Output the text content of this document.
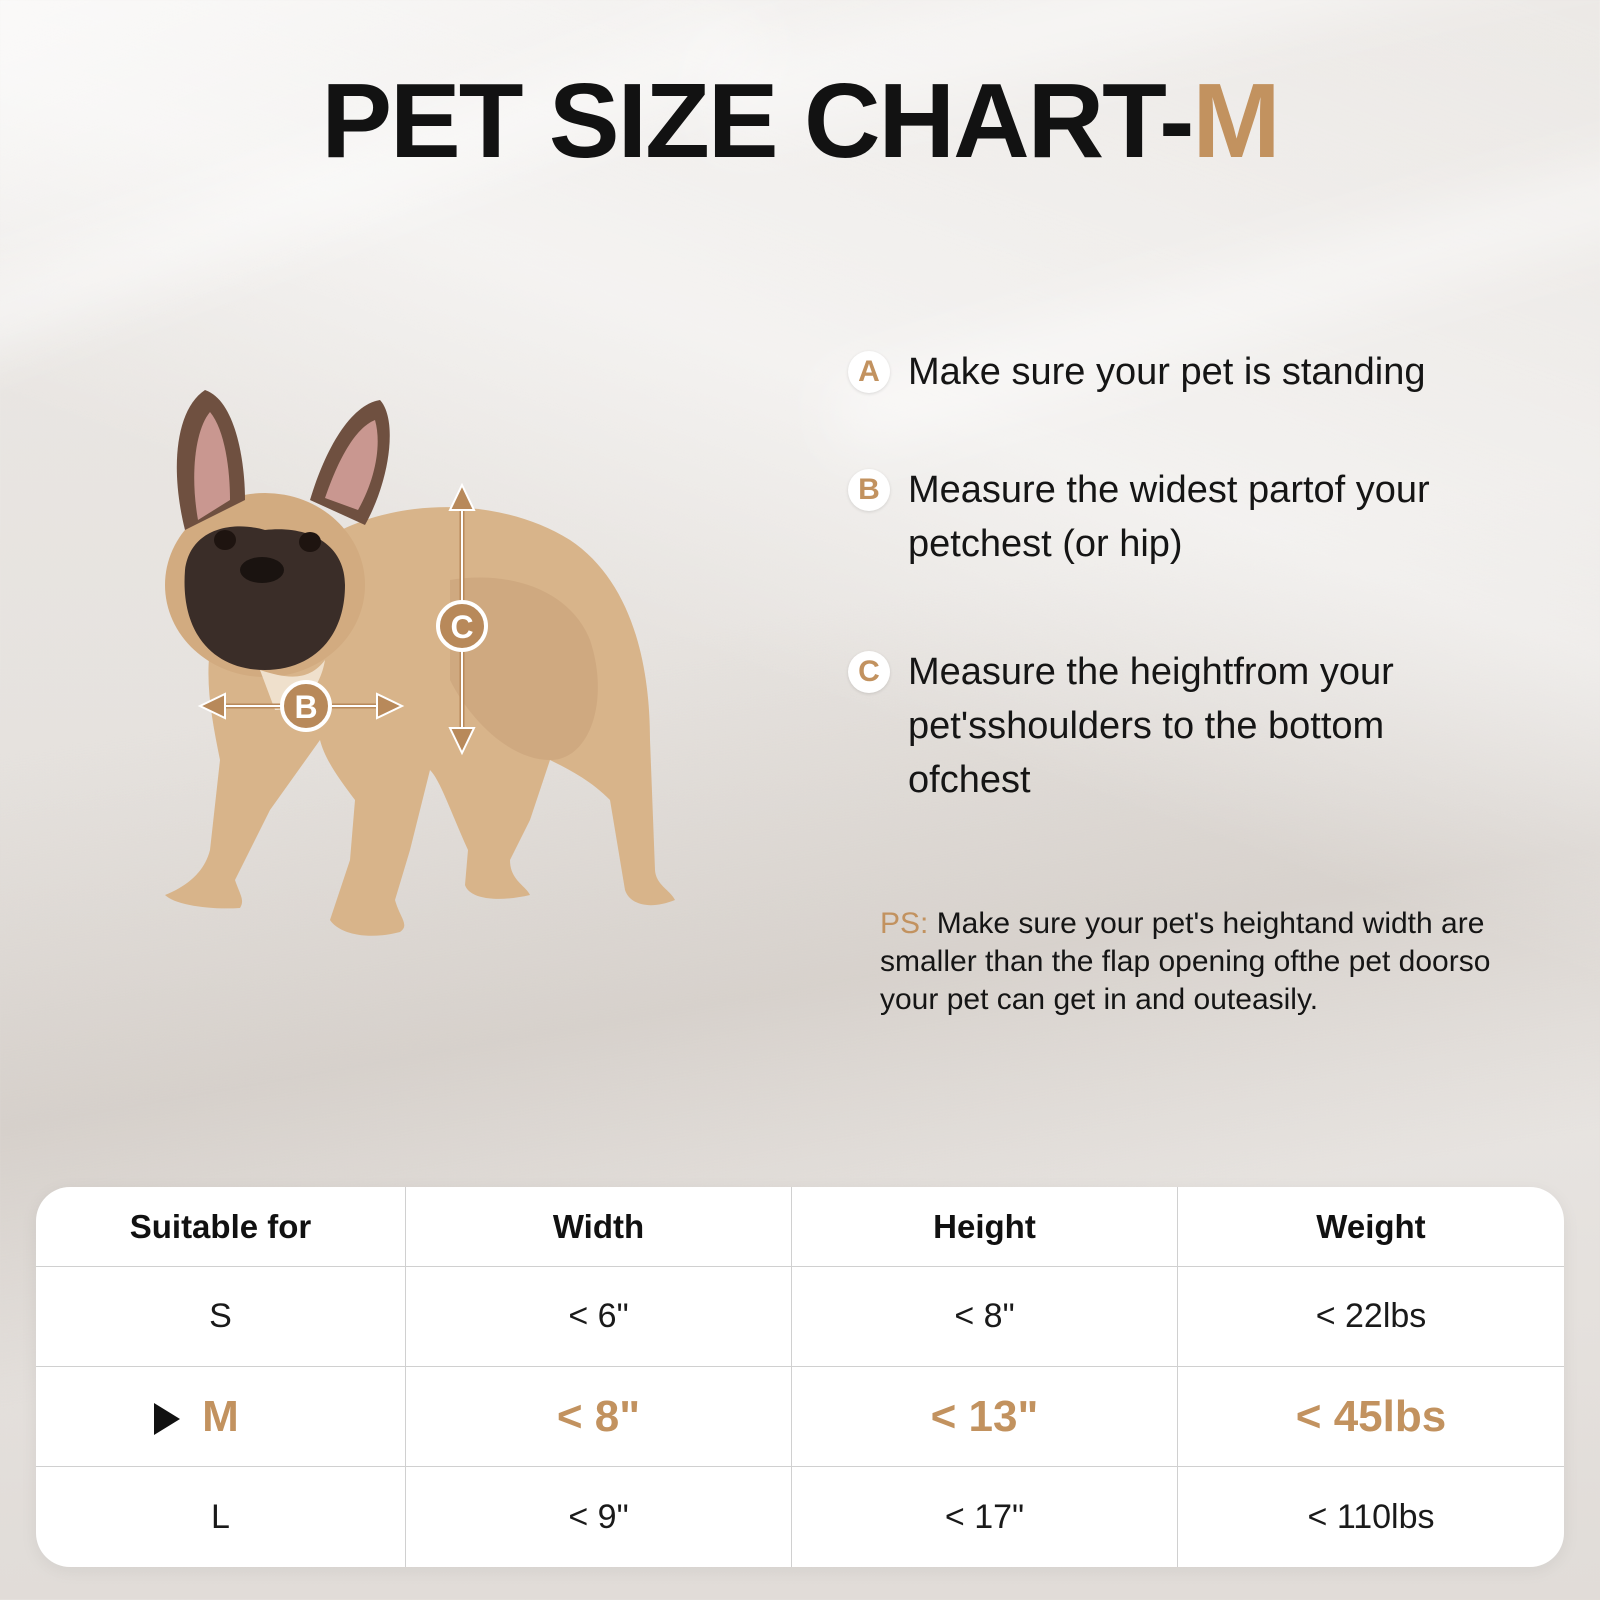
PET SIZE CHART-M
C
B
A Make sure your pet is standing
B Measure the widest partof your petchest (or hip)
C Measure the heightfrom your pet'sshoulders to the bottom ofchest
PS: Make sure your pet's heightand width are smaller than the flap opening ofthe pet doorso your pet can get in and outeasily.
Suitable for	Width	Height	Weight
S	< 6"	< 8"	< 22lbs
M	< 8"	< 13"	< 45lbs
L	< 9"	< 17"	< 110lbs
